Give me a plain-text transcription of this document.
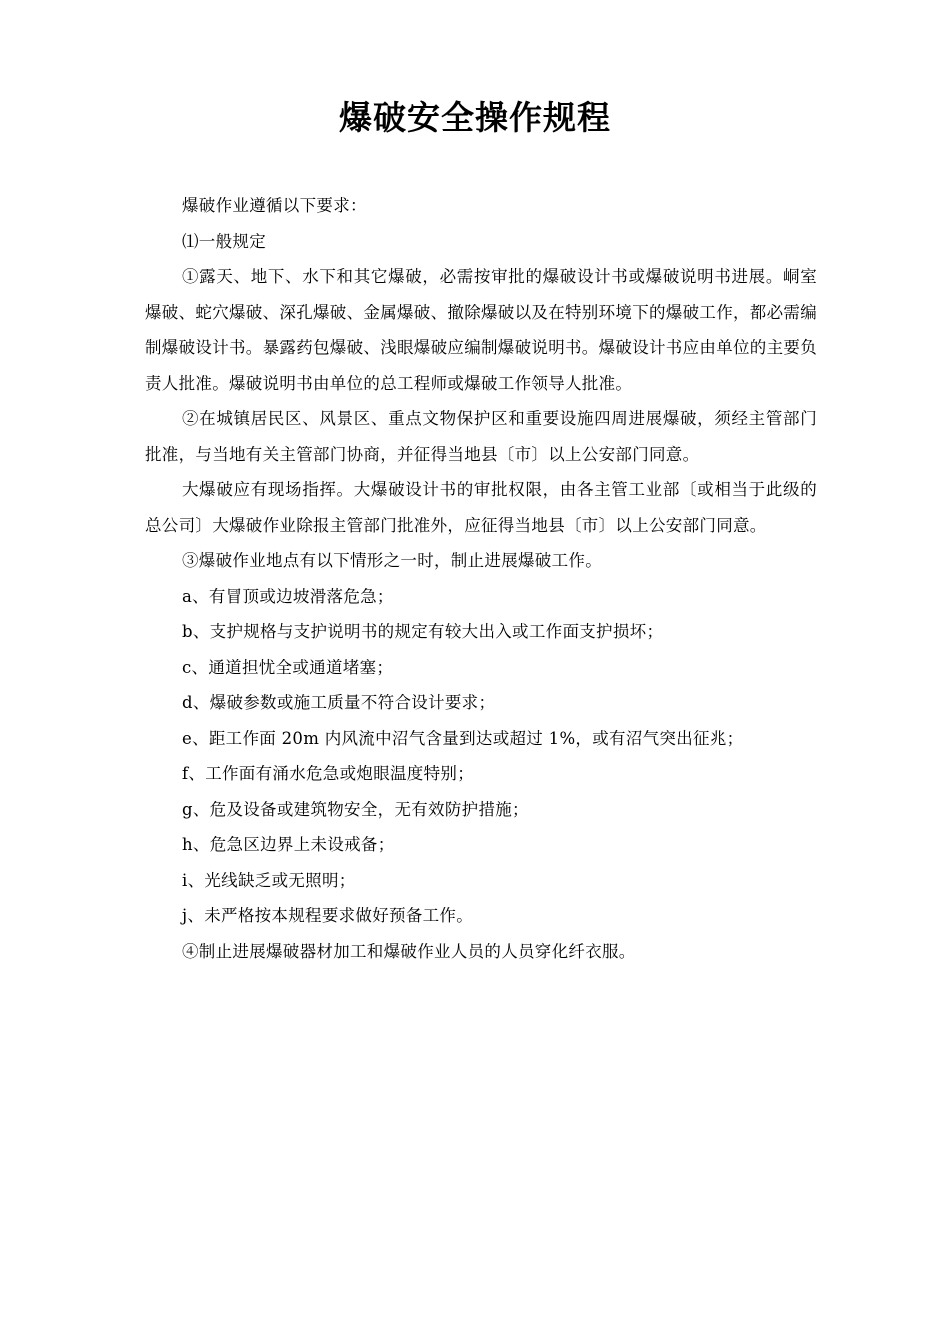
爆破安全操作规程

爆破作业遵循以下要求：

⑴一般规定

①露天、地下、水下和其它爆破，必需按审批的爆破设计书或爆破说明书进展。峒室爆破、蛇穴爆破、深孔爆破、金属爆破、撤除爆破以及在特别环境下的爆破工作，都必需编制爆破设计书。暴露药包爆破、浅眼爆破应编制爆破说明书。爆破设计书应由单位的主要负责人批准。爆破说明书由单位的总工程师或爆破工作领导人批准。

②在城镇居民区、风景区、重点文物保护区和重要设施四周进展爆破，须经主管部门批准，与当地有关主管部门协商，并征得当地县〔市〕以上公安部门同意。

大爆破应有现场指挥。大爆破设计书的审批权限，由各主管工业部〔或相当于此级的总公司〕大爆破作业除报主管部门批准外，应征得当地县〔市〕以上公安部门同意。

③爆破作业地点有以下情形之一时，制止进展爆破工作。

a、有冒顶或边坡滑落危急；

b、支护规格与支护说明书的规定有较大出入或工作面支护损坏；

c、通道担忧全或通道堵塞；

d、爆破参数或施工质量不符合设计要求；

e、距工作面 20m 内风流中沼气含量到达或超过 1%，或有沼气突出征兆；

f、工作面有涌水危急或炮眼温度特别；

g、危及设备或建筑物安全，无有效防护措施；

h、危急区边界上未设戒备；

i、光线缺乏或无照明；

j、未严格按本规程要求做好预备工作。

④制止进展爆破器材加工和爆破作业人员的人员穿化纤衣服。
